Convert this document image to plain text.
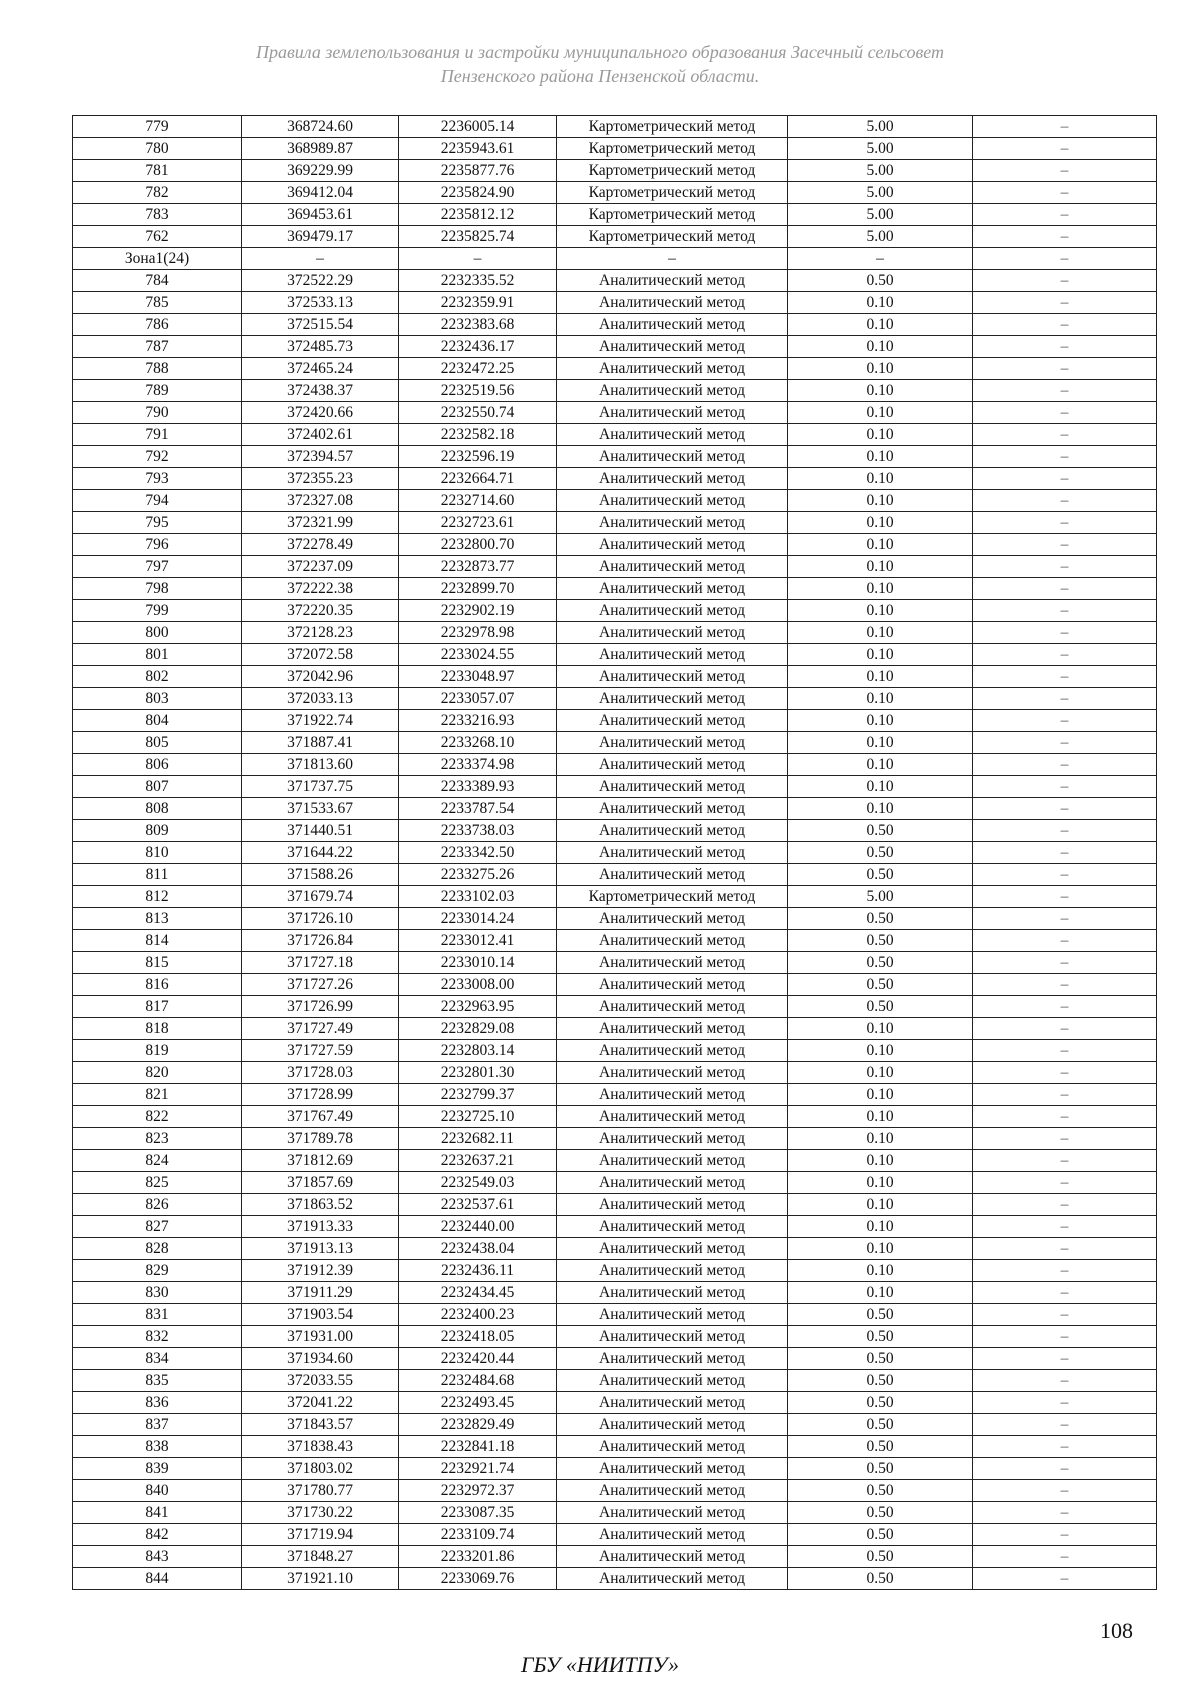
Правила землепользования и застройки муниципального образования Засечный сельсовет
Пензенского района Пензенской области.
779	368724.60	2236005.14	Картометрический метод	5.00	–
780	368989.87	2235943.61	Картометрический метод	5.00	–
781	369229.99	2235877.76	Картометрический метод	5.00	–
782	369412.04	2235824.90	Картометрический метод	5.00	–
783	369453.61	2235812.12	Картометрический метод	5.00	–
762	369479.17	2235825.74	Картометрический метод	5.00	–
Зона1(24)	–	–	–	–	–
784	372522.29	2232335.52	Аналитический метод	0.50	–
785	372533.13	2232359.91	Аналитический метод	0.10	–
786	372515.54	2232383.68	Аналитический метод	0.10	–
787	372485.73	2232436.17	Аналитический метод	0.10	–
788	372465.24	2232472.25	Аналитический метод	0.10	–
789	372438.37	2232519.56	Аналитический метод	0.10	–
790	372420.66	2232550.74	Аналитический метод	0.10	–
791	372402.61	2232582.18	Аналитический метод	0.10	–
792	372394.57	2232596.19	Аналитический метод	0.10	–
793	372355.23	2232664.71	Аналитический метод	0.10	–
794	372327.08	2232714.60	Аналитический метод	0.10	–
795	372321.99	2232723.61	Аналитический метод	0.10	–
796	372278.49	2232800.70	Аналитический метод	0.10	–
797	372237.09	2232873.77	Аналитический метод	0.10	–
798	372222.38	2232899.70	Аналитический метод	0.10	–
799	372220.35	2232902.19	Аналитический метод	0.10	–
800	372128.23	2232978.98	Аналитический метод	0.10	–
801	372072.58	2233024.55	Аналитический метод	0.10	–
802	372042.96	2233048.97	Аналитический метод	0.10	–
803	372033.13	2233057.07	Аналитический метод	0.10	–
804	371922.74	2233216.93	Аналитический метод	0.10	–
805	371887.41	2233268.10	Аналитический метод	0.10	–
806	371813.60	2233374.98	Аналитический метод	0.10	–
807	371737.75	2233389.93	Аналитический метод	0.10	–
808	371533.67	2233787.54	Аналитический метод	0.10	–
809	371440.51	2233738.03	Аналитический метод	0.50	–
810	371644.22	2233342.50	Аналитический метод	0.50	–
811	371588.26	2233275.26	Аналитический метод	0.50	–
812	371679.74	2233102.03	Картометрический метод	5.00	–
813	371726.10	2233014.24	Аналитический метод	0.50	–
814	371726.84	2233012.41	Аналитический метод	0.50	–
815	371727.18	2233010.14	Аналитический метод	0.50	–
816	371727.26	2233008.00	Аналитический метод	0.50	–
817	371726.99	2232963.95	Аналитический метод	0.50	–
818	371727.49	2232829.08	Аналитический метод	0.10	–
819	371727.59	2232803.14	Аналитический метод	0.10	–
820	371728.03	2232801.30	Аналитический метод	0.10	–
821	371728.99	2232799.37	Аналитический метод	0.10	–
822	371767.49	2232725.10	Аналитический метод	0.10	–
823	371789.78	2232682.11	Аналитический метод	0.10	–
824	371812.69	2232637.21	Аналитический метод	0.10	–
825	371857.69	2232549.03	Аналитический метод	0.10	–
826	371863.52	2232537.61	Аналитический метод	0.10	–
827	371913.33	2232440.00	Аналитический метод	0.10	–
828	371913.13	2232438.04	Аналитический метод	0.10	–
829	371912.39	2232436.11	Аналитический метод	0.10	–
830	371911.29	2232434.45	Аналитический метод	0.10	–
831	371903.54	2232400.23	Аналитический метод	0.50	–
832	371931.00	2232418.05	Аналитический метод	0.50	–
834	371934.60	2232420.44	Аналитический метод	0.50	–
835	372033.55	2232484.68	Аналитический метод	0.50	–
836	372041.22	2232493.45	Аналитический метод	0.50	–
837	371843.57	2232829.49	Аналитический метод	0.50	–
838	371838.43	2232841.18	Аналитический метод	0.50	–
839	371803.02	2232921.74	Аналитический метод	0.50	–
840	371780.77	2232972.37	Аналитический метод	0.50	–
841	371730.22	2233087.35	Аналитический метод	0.50	–
842	371719.94	2233109.74	Аналитический метод	0.50	–
843	371848.27	2233201.86	Аналитический метод	0.50	–
844	371921.10	2233069.76	Аналитический метод	0.50	–
108
ГБУ «НИИТПУ»
